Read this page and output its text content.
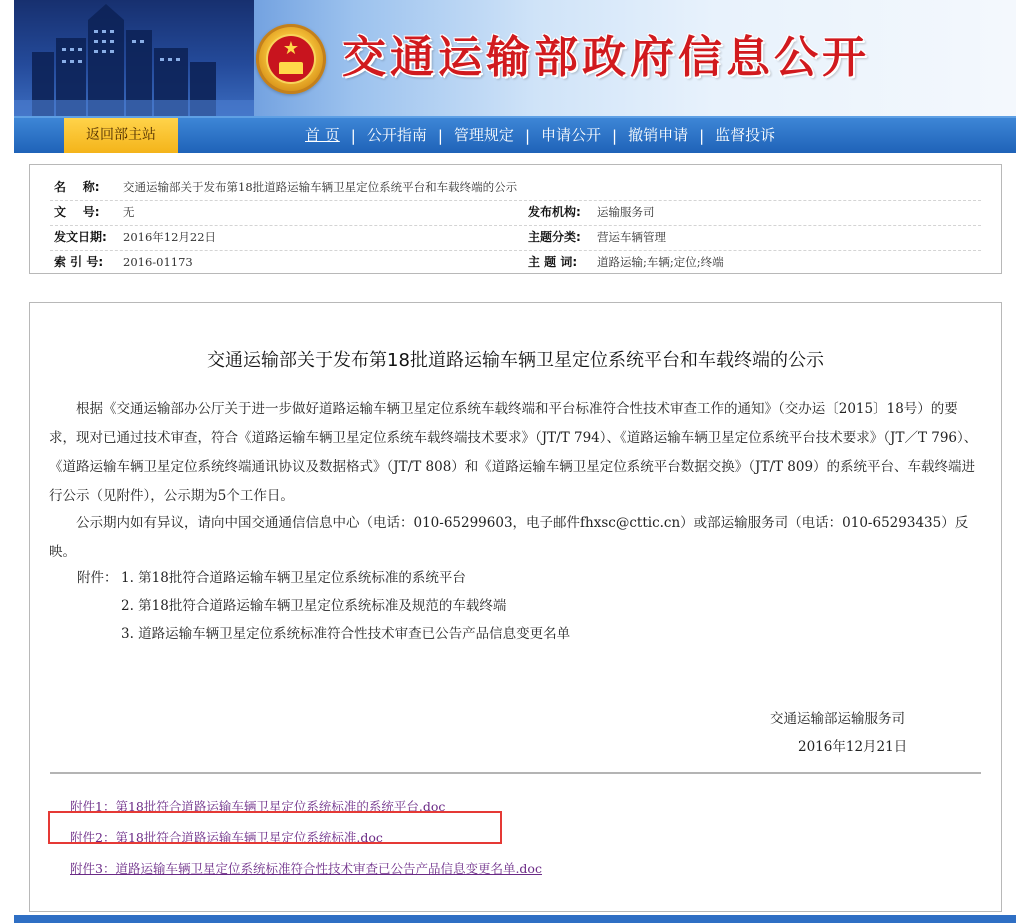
★ 交通运输部政府信息公开
返回部主站	首 页 | 公开指南 | 管理规定 | 申请公开 | 撤销申请 | 监督投诉
名    称:	交通运输部关于发布第18批道路运输车辆卫星定位系统平台和车载终端的公示
文    号:	无	发布机构:	运输服务司
发文日期:	2016年12月22日	主题分类:	营运车辆管理
索 引 号:	2016-01173	主 题 词:	道路运输;车辆;定位;终端
交通运输部关于发布第18批道路运输车辆卫星定位系统平台和车载终端的公示
根据《交通运输部办公厅关于进一步做好道路运输车辆卫星定位系统车载终端和平台标准符合性技术审查工作的通知》（交办运〔2015〕18号）的要求，现对已通过技术审查，符合《道路运输车辆卫星定位系统车载终端技术要求》（JT/T 794）、《道路运输车辆卫星定位系统平台技术要求》（JT／T 796）、《道路运输车辆卫星定位系统终端通讯协议及数据格式》（JT/T 808）和《道路运输车辆卫星定位系统平台数据交换》（JT/T 809）的系统平台、车载终端进行公示（见附件），公示期为5个工作日。
公示期内如有异议，请向中国交通通信信息中心（电话：010-65299603，电子邮件fhxsc@cttic.cn）或部运输服务司（电话：010-65293435）反映。
附件： 1. 第18批符合道路运输车辆卫星定位系统标准的系统平台
2. 第18批符合道路运输车辆卫星定位系统标准及规范的车载终端
3. 道路运输车辆卫星定位系统标准符合性技术审查已公告产品信息变更名单
交通运输部运输服务司
2016年12月21日
附件1：第18批符合道路运输车辆卫星定位系统标准的系统平台.doc
附件2：第18批符合道路运输车辆卫星定位系统标准.doc
附件3：道路运输车辆卫星定位系统标准符合性技术审查已公告产品信息变更名单.doc
